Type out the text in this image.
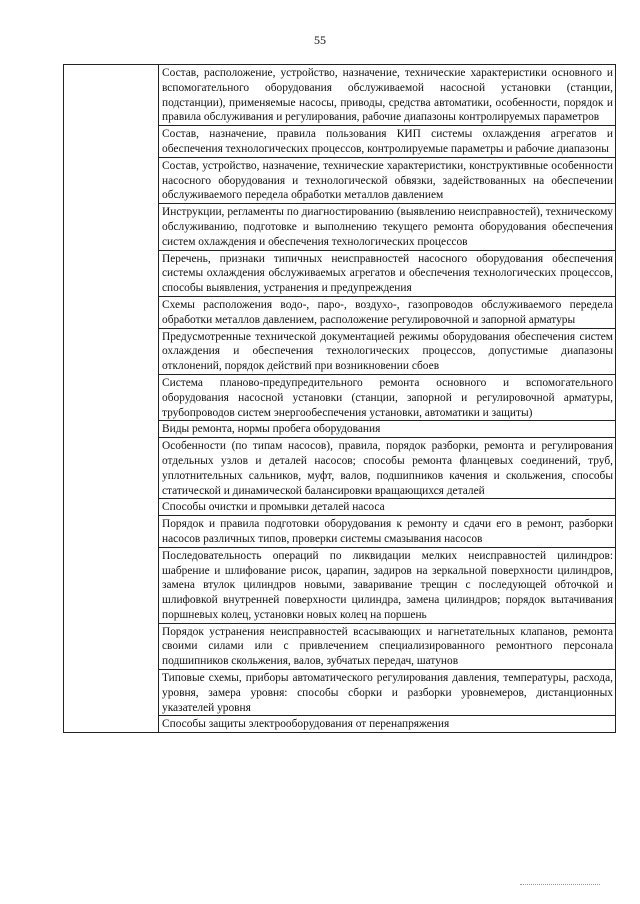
55
	Состав, расположение, устройство, назначение, технические характеристики основного и вспомогательного оборудования обслуживаемой насосной установки (станции, подстанции), применяемые насосы, приводы, средства автоматики, особенности, порядок и правила обслуживания и регулирования, рабочие диапазоны контролируемых параметров
Состав, назначение, правила пользования КИП системы охлаждения агрегатов и обеспечения технологических процессов, контролируемые параметры и рабочие диапазоны
Состав, устройство, назначение, технические характеристики, конструктивные особенности насосного оборудования и технологической обвязки, задействованных на обеспечении обслуживаемого передела обработки металлов давлением
Инструкции, регламенты по диагностированию (выявлению неисправностей), техническому обслуживанию, подготовке и выполнению текущего ремонта оборудования обеспечения систем охлаждения и обеспечения технологических процессов
Перечень, признаки типичных неисправностей насосного оборудования обеспечения системы охлаждения обслуживаемых агрегатов и обеспечения технологических процессов, способы выявления, устранения и предупреждения
Схемы расположения водо-, паро-, воздухо-, газопроводов обслуживаемого передела обработки металлов давлением, расположение регулировочной и запорной арматуры
Предусмотренные технической документацией режимы оборудования обеспечения систем охлаждения и обеспечения технологических процессов, допустимые диапазоны отклонений, порядок действий при возникновении сбоев
Система планово-предупредительного ремонта основного и вспомогательного оборудования насосной установки (станции, запорной и регулировочной арматуры, трубопроводов систем энергообеспечения установки, автоматики и защиты)
Виды ремонта, нормы пробега оборудования
Особенности (по типам насосов), правила, порядок разборки, ремонта и регулирования отдельных узлов и деталей насосов; способы ремонта фланцевых соединений, труб, уплотнительных сальников, муфт, валов, подшипников качения и скольжения, способы статической и динамической балансировки вращающихся деталей
Способы очистки и промывки деталей насоса
Порядок и правила подготовки оборудования к ремонту и сдачи его в ремонт, разборки насосов различных типов, проверки системы смазывания насосов
Последовательность операций по ликвидации мелких неисправностей цилиндров: шабрение и шлифование рисок, царапин, задиров на зеркальной поверхности цилиндров, замена втулок цилиндров новыми, заваривание трещин с последующей обточкой и шлифовкой внутренней поверхности цилиндра, замена цилиндров; порядок вытачивания поршневых колец, установки новых колец на поршень
Порядок устранения неисправностей всасывающих и нагнетательных клапанов, ремонта своими силами или с привлечением специализированного ремонтного персонала подшипников скольжения, валов, зубчатых передач, шатунов
Типовые схемы, приборы автоматического регулирования давления, температуры, расхода, уровня, замера уровня: способы сборки и разборки уровнемеров, дистанционных указателей уровня
Способы защиты электрооборудования от перенапряжения
